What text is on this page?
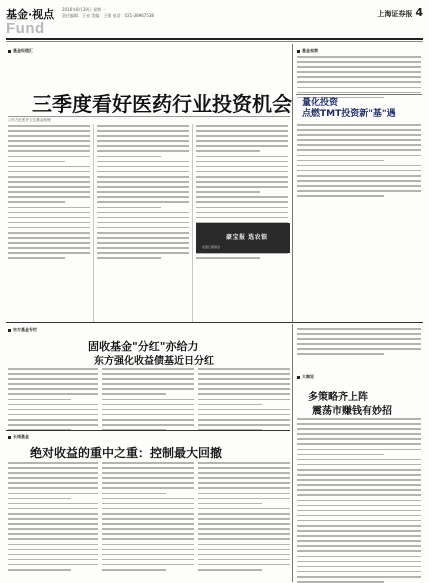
基金·视点
Fund
2016年8月29日 星期一
责任编辑：王亮 美编：王强 电话：021-38967538	上海证券报 4
基金经理汇
三季度看好医药行业投资机会
○东方红医疗卫生基金经理
基金观察
量化投资
点燃TMT投资新"基"遇
豪宝报 选农银
农银汇理基金
东方基金专栏
固收基金"分红"亦给力
东方强化收益债基近日分红
大咖说
多策略齐上阵
震荡市赚钱有妙招
长城基金
绝对收益的重中之重：控制最大回撤
